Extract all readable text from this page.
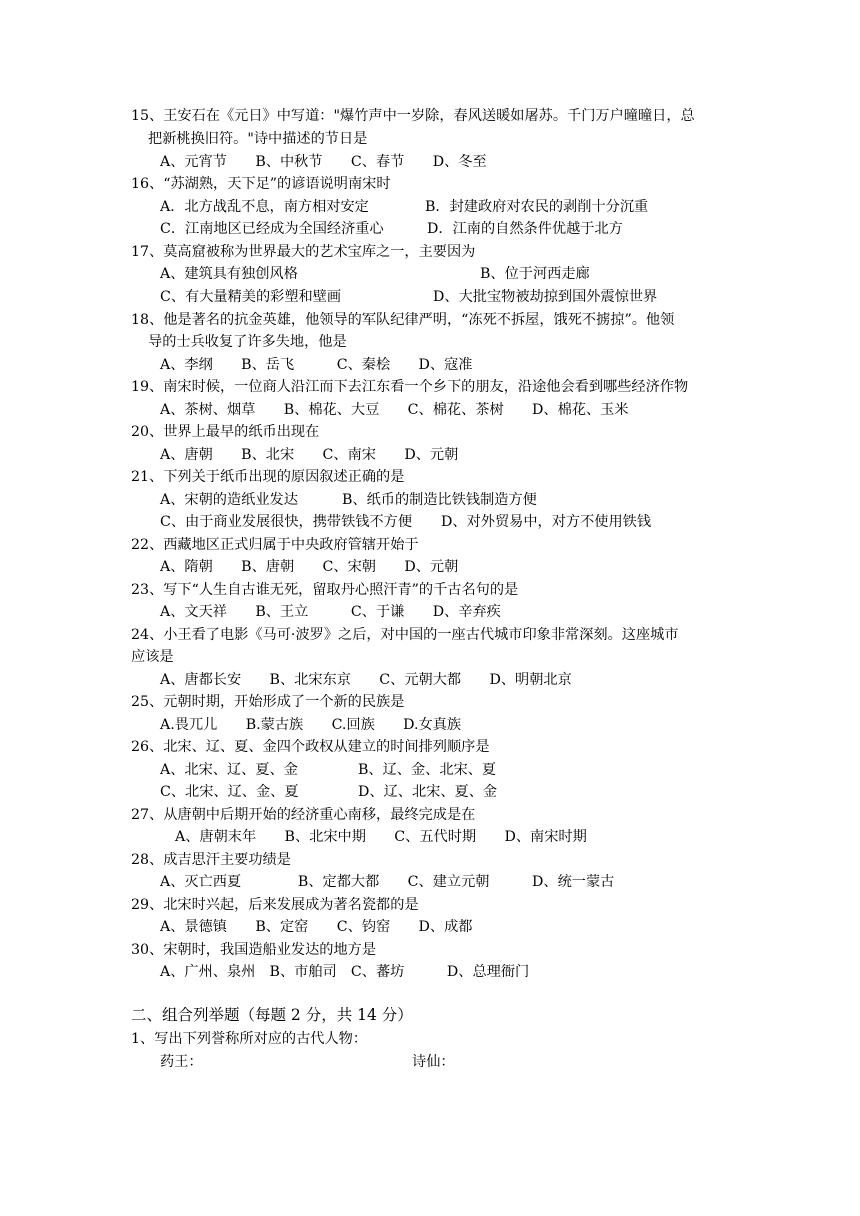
15、王安石在《元日》中写道："爆竹声中一岁除，春风送暖如屠苏。千门万户曈曈日，总
把新桃换旧符。"诗中描述的节日是
A、元宵节　　B、中秋节　　C、春节　　D、冬至
16、“苏湖熟，天下足”的谚语说明南宋时
A．北方战乱不息，南方相对安定	B．封建政府对农民的剥削十分沉重
C．江南地区已经成为全国经济重心	D．江南的自然条件优越于北方
17、莫高窟被称为世界最大的艺术宝库之一，主要因为
A、建筑具有独创风格	B、位于河西走廊
C、有大量精美的彩塑和壁画	D、大批宝物被劫掠到国外震惊世界
18、他是著名的抗金英雄，他领导的军队纪律严明，“冻死不拆屋，饿死不掳掠”。他领
导的士兵收复了许多失地，他是
A、李纲　　B、岳飞　　　C、秦桧　　D、寇准
19、南宋时候，一位商人沿江而下去江东看一个乡下的朋友，沿途他会看到哪些经济作物
A、茶树、烟草　　B、棉花、大豆　　C、棉花、茶树　　D、棉花、玉米
20、世界上最早的纸币出现在
A、唐朝　　B、北宋　　C、南宋　　D、元朝
21、下列关于纸币出现的原因叙述正确的是
A、宋朝的造纸业发达	B、纸币的制造比铁钱制造方便
C、由于商业发展很快，携带铁钱不方便 D、对外贸易中，对方不使用铁钱
22、西藏地区正式归属于中央政府管辖开始于
A、隋朝　　B、唐朝　　C、宋朝　　D、元朝
23、写下“人生自古谁无死，留取丹心照汗青”的千古名句的是
A、文天祥　　B、王立　　　C、于谦　　D、辛弃疾
24、小王看了电影《马可·波罗》之后，对中国的一座古代城市印象非常深刻。这座城市
应该是
A、唐都长安　　B、北宋东京　　C、元朝大都　　D、明朝北京
25、元朝时期，开始形成了一个新的民族是
A.畏兀儿　　B.蒙古族　　C.回族　　D.女真族
26、北宋、辽、夏、金四个政权从建立的时间排列顺序是
A、北宋、辽、夏、金	B、辽、金、北宋、夏
C、北宋、辽、金、夏	D、辽、北宋、夏、金
27、从唐朝中后期开始的经济重心南移，最终完成是在
A、唐朝末年　　B、北宋中期　　C、五代时期　　D、南宋时期
28、成吉思汗主要功绩是
A、灭亡西夏　　　　B、定都大都　　C、建立元朝　　　D、统一蒙古
29、北宋时兴起，后来发展成为著名瓷都的是
A、景德镇　　B、定窑　　C、钧窑　　D、成都
30、宋朝时，我国造船业发达的地方是
A、广州、泉州　B、市舶司　C、蕃坊　　　D、总理衙门
二、组合列举题（每题 2 分，共 14 分）
1、写出下列誉称所对应的古代人物：
药王：	诗仙：
